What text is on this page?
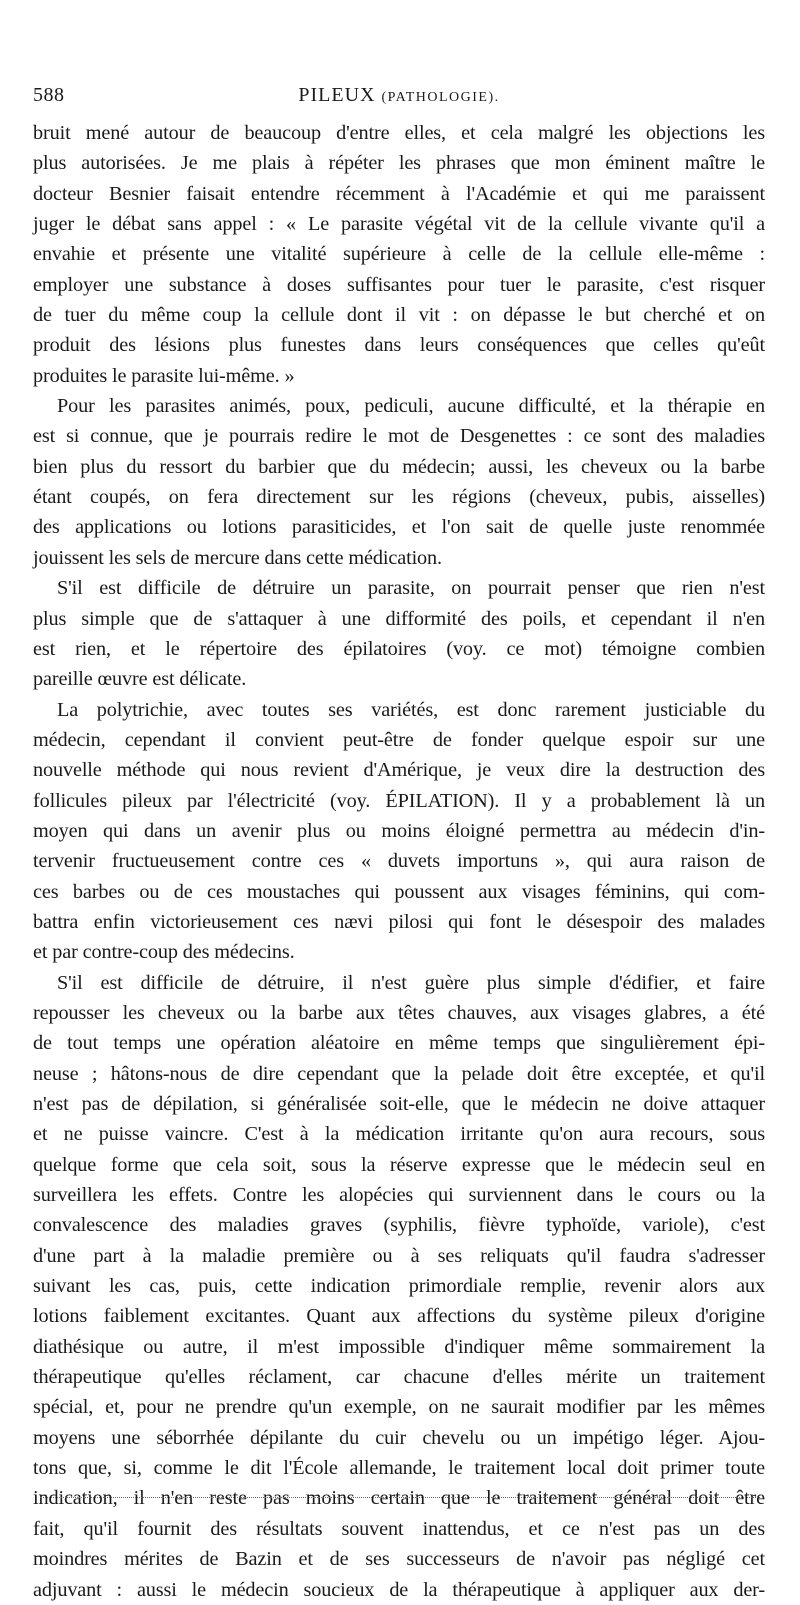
588	PILEUX (PATHOLOGIE).
bruit mené autour de beaucoup d'entre elles, et cela malgré les objections les
plus autorisées. Je me plais à répéter les phrases que mon éminent maître le
docteur Besnier faisait entendre récemment à l'Académie et qui me paraissent
juger le débat sans appel : « Le parasite végétal vit de la cellule vivante qu'il a
envahie et présente une vitalité supérieure à celle de la cellule elle-même :
employer une substance à doses suffisantes pour tuer le parasite, c'est risquer
de tuer du même coup la cellule dont il vit : on dépasse le but cherché et on
produit des lésions plus funestes dans leurs conséquences que celles qu'eût
produites le parasite lui-même. »
Pour les parasites animés, poux, pediculi, aucune difficulté, et la thérapie en
est si connue, que je pourrais redire le mot de Desgenettes : ce sont des maladies
bien plus du ressort du barbier que du médecin; aussi, les cheveux ou la barbe
étant coupés, on fera directement sur les régions (cheveux, pubis, aisselles)
des applications ou lotions parasiticides, et l'on sait de quelle juste renommée
jouissent les sels de mercure dans cette médication.
S'il est difficile de détruire un parasite, on pourrait penser que rien n'est
plus simple que de s'attaquer à une difformité des poils, et cependant il n'en
est rien, et le répertoire des épilatoires (voy. ce mot) témoigne combien
pareille œuvre est délicate.
La polytrichie, avec toutes ses variétés, est donc rarement justiciable du
médecin, cependant il convient peut-être de fonder quelque espoir sur une
nouvelle méthode qui nous revient d'Amérique, je veux dire la destruction des
follicules pileux par l'électricité (voy. ÉPILATION). Il y a probablement là un
moyen qui dans un avenir plus ou moins éloigné permettra au médecin d'in-
tervenir fructueusement contre ces « duvets importuns », qui aura raison de
ces barbes ou de ces moustaches qui poussent aux visages féminins, qui com-
battra enfin victorieusement ces nævi pilosi qui font le désespoir des malades
et par contre-coup des médecins.
S'il est difficile de détruire, il n'est guère plus simple d'édifier, et faire
repousser les cheveux ou la barbe aux têtes chauves, aux visages glabres, a été
de tout temps une opération aléatoire en même temps que singulièrement épi-
neuse ; hâtons-nous de dire cependant que la pelade doit être exceptée, et qu'il
n'est pas de dépilation, si généralisée soit-elle, que le médecin ne doive attaquer
et ne puisse vaincre. C'est à la médication irritante qu'on aura recours, sous
quelque forme que cela soit, sous la réserve expresse que le médecin seul en
surveillera les effets. Contre les alopécies qui surviennent dans le cours ou la
convalescence des maladies graves (syphilis, fièvre typhoïde, variole), c'est
d'une part à la maladie première ou à ses reliquats qu'il faudra s'adresser
suivant les cas, puis, cette indication primordiale remplie, revenir alors aux
lotions faiblement excitantes. Quant aux affections du système pileux d'origine
diathésique ou autre, il m'est impossible d'indiquer même sommairement la
thérapeutique qu'elles réclament, car chacune d'elles mérite un traitement
spécial, et, pour ne prendre qu'un exemple, on ne saurait modifier par les mêmes
moyens une séborrhée dépilante du cuir chevelu ou un impétigo léger. Ajou-
tons que, si, comme le dit l'École allemande, le traitement local doit primer toute
indication, il n'en reste pas moins certain que le traitement général doit être
fait, qu'il fournit des résultats souvent inattendus, et ce n'est pas un des
moindres mérites de Bazin et de ses successeurs de n'avoir pas négligé cet
adjuvant : aussi le médecin soucieux de la thérapeutique à appliquer aux der-
